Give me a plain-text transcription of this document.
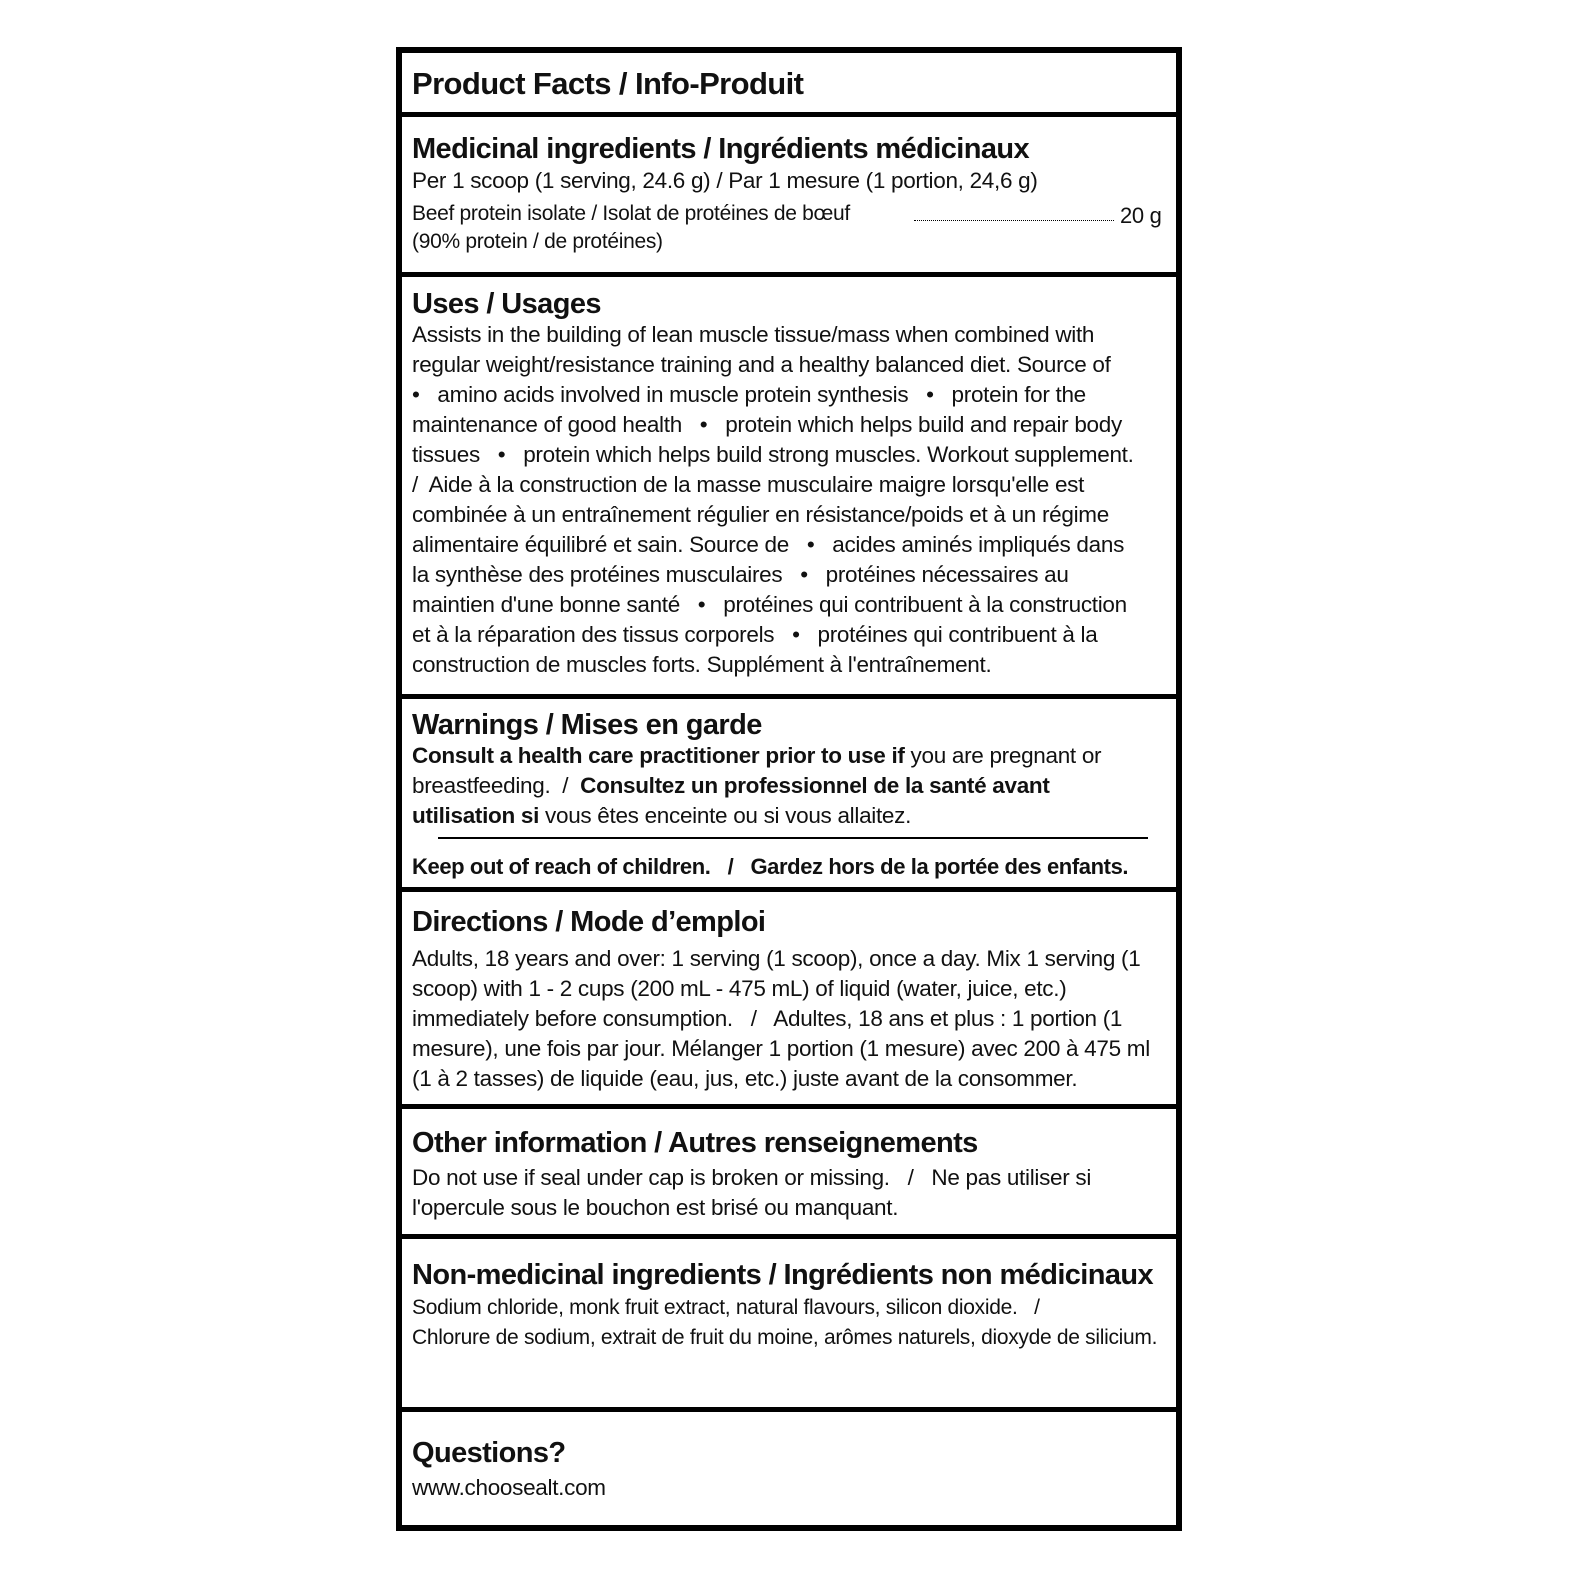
Product Facts / Info-Produit

Medicinal ingredients / Ingrédients médicinaux

Per 1 scoop (1 serving, 24.6 g) / Par 1 mesure (1 portion, 24,6 g)

Beef protein isolate / Isolat de protéines de bœuf	20 g
(90% protein / de protéines)

Uses / Usages

Assists in the building of lean muscle tissue/mass when combined with

regular weight/resistance training and a healthy balanced diet. Source of

•   amino acids involved in muscle protein synthesis   •   protein for the

maintenance of good health   •   protein which helps build and repair body

tissues   •   protein which helps build strong muscles. Workout supplement.

/  Aide à la construction de la masse musculaire maigre lorsqu'elle est

combinée à un entraînement régulier en résistance/poids et à un régime

alimentaire équilibré et sain. Source de   •   acides aminés impliqués dans

la synthèse des protéines musculaires   •   protéines nécessaires au

maintien d'une bonne santé   •   protéines qui contribuent à la construction

et à la réparation des tissus corporels   •   protéines qui contribuent à la

construction de muscles forts. Supplément à l'entraînement.

Warnings / Mises en garde

Consult a health care practitioner prior to use if you are pregnant or

breastfeeding.  /  Consultez un professionnel de la santé avant

utilisation si vous êtes enceinte ou si vous allaitez.

Keep out of reach of children.   /   Gardez hors de la portée des enfants.

Directions / Mode d’emploi

Adults, 18 years and over: 1 serving (1 scoop), once a day. Mix 1 serving (1

scoop) with 1 - 2 cups (200 mL - 475 mL) of liquid (water, juice, etc.)

immediately before consumption.   /   Adultes, 18 ans et plus : 1 portion (1

mesure), une fois par jour. Mélanger 1 portion (1 mesure) avec 200 à 475 ml

(1 à 2 tasses) de liquide (eau, jus, etc.) juste avant de la consommer.

Other information / Autres renseignements

Do not use if seal under cap is broken or missing.   /   Ne pas utiliser si

l'opercule sous le bouchon est brisé ou manquant.

Non-medicinal ingredients / Ingrédients non médicinaux

Sodium chloride, monk fruit extract, natural flavours, silicon dioxide.   /

Chlorure de sodium, extrait de fruit du moine, arômes naturels, dioxyde de silicium.

Questions?

www.choosealt.com
